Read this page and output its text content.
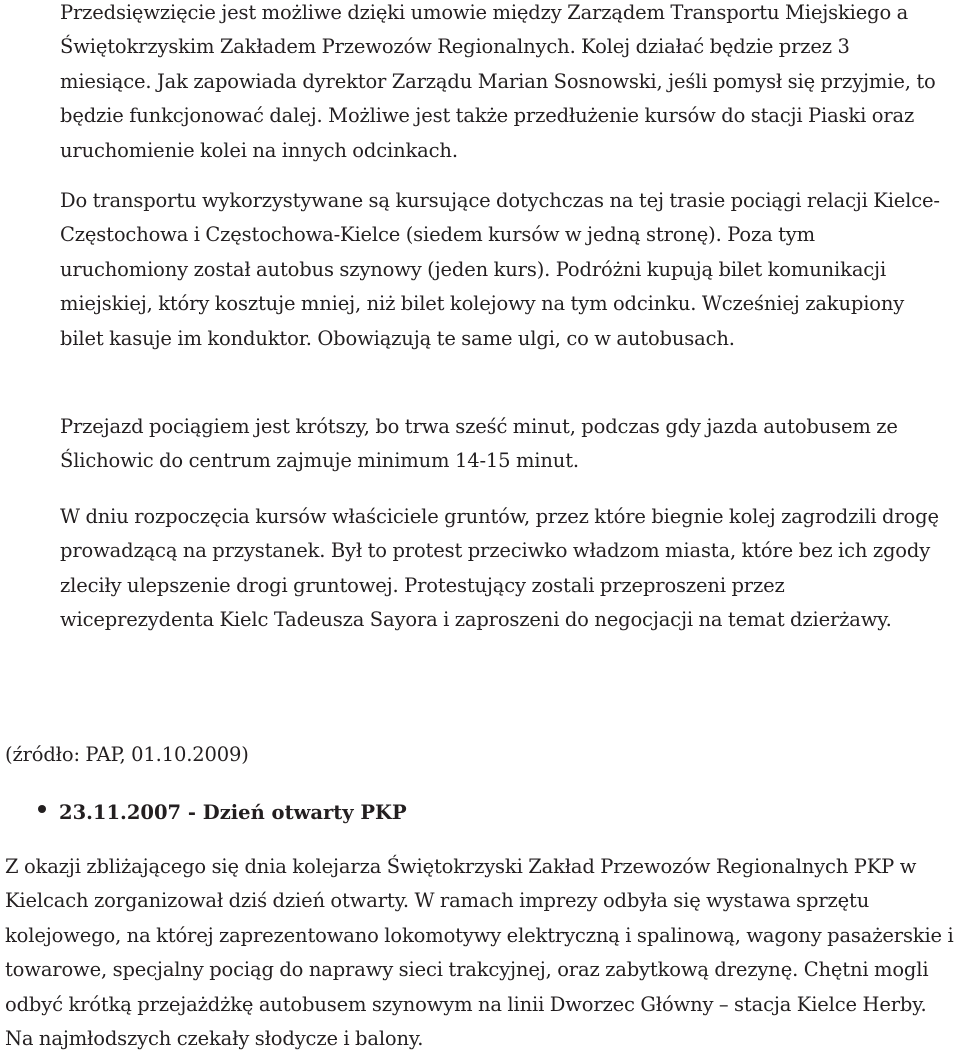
Przedsięwzięcie jest możliwe dzięki umowie między Zarządem Transportu Miejskiego a Świętokrzyskim Zakładem Przewozów Regionalnych. Kolej działać będzie przez 3 miesiące. Jak zapowiada dyrektor Zarządu Marian Sosnowski, jeśli pomysł się przyjmie, to będzie funkcjonować dalej. Możliwe jest także przedłużenie kursów do stacji Piaski oraz uruchomienie kolei na innych odcinkach.

Do transportu wykorzystywane są kursujące dotychczas na tej trasie pociągi relacji Kielce-Częstochowa i Częstochowa-Kielce (siedem kursów w jedną stronę). Poza tym uruchomiony został autobus szynowy (jeden kurs). Podróżni kupują bilet komunikacji miejskiej, który kosztuje mniej, niż bilet kolejowy na tym odcinku. Wcześniej zakupiony bilet kasuje im konduktor. Obowiązują te same ulgi, co w autobusach.

Przejazd pociągiem jest krótszy, bo trwa sześć minut, podczas gdy jazda autobusem ze Ślichowic do centrum zajmuje minimum 14-15 minut.

W dniu rozpoczęcia kursów właściciele gruntów, przez które biegnie kolej zagrodzili drogę prowadzącą na przystanek. Był to protest przeciwko władzom miasta, które bez ich zgody zleciły ulepszenie drogi gruntowej. Protestujący zostali przeproszeni przez wiceprezydenta Kielc Tadeusza Sayora i zaproszeni do negocjacji na temat dzierżawy.

(źródło: PAP, 01.10.2009)

23.11.2007 - Dzień otwarty PKP

Z okazji zbliżającego się dnia kolejarza Świętokrzyski Zakład Przewozów Regionalnych PKP w Kielcach zorganizował dziś dzień otwarty. W ramach imprezy odbyła się wystawa sprzętu kolejowego, na której zaprezentowano lokomotywy elektryczną i spalinową, wagony pasażerskie i towarowe, specjalny pociąg do naprawy sieci trakcyjnej, oraz zabytkową drezynę. Chętni mogli odbyć krótką przejażdżkę autobusem szynowym na linii Dworzec Główny – stacja Kielce Herby. Na najmłodszych czekały słodycze i balony.
